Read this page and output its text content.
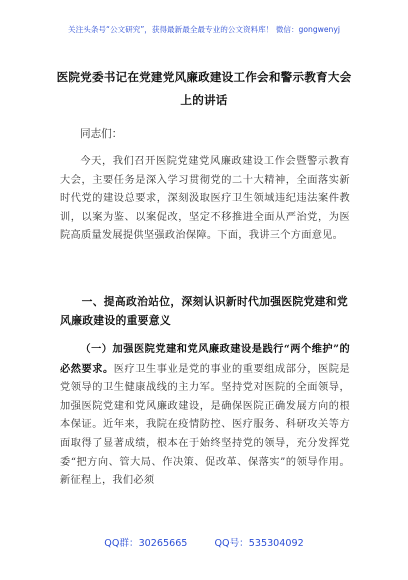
关注头条号“公文研究”，获得最新最全最专业的公文资料库！ 微信：gongwenyj
医院党委书记在党建党风廉政建设工作会和警示教育大会上的讲话
同志们：

今天，我们召开医院党建党风廉政建设工作会暨警示教育大会，主要任务是深入学习贯彻党的二十大精神，全面落实新时代党的建设总要求，深刻汲取医疗卫生领域违纪违法案件教训，以案为鉴、以案促改，坚定不移推进全面从严治党，为医院高质量发展提供坚强政治保障。下面，我讲三个方面意见。

一、提高政治站位，深刻认识新时代加强医院党建和党风廉政建设的重要意义

（一）加强医院党建和党风廉政建设是践行“两个维护”的必然要求。医疗卫生事业是党的事业的重要组成部分，医院是党领导的卫生健康战线的主力军。坚持党对医院的全面领导，加强医院党建和党风廉政建设，是确保医院正确发展方向的根本保证。近年来，我院在疫情防控、医疗服务、科研攻关等方面取得了显著成绩，根本在于始终坚持党的领导，充分发挥党委“把方向、管大局、作决策、促改革、保落实”的领导作用。新征程上，我们必须

QQ群：30265665	QQ号：535304092
